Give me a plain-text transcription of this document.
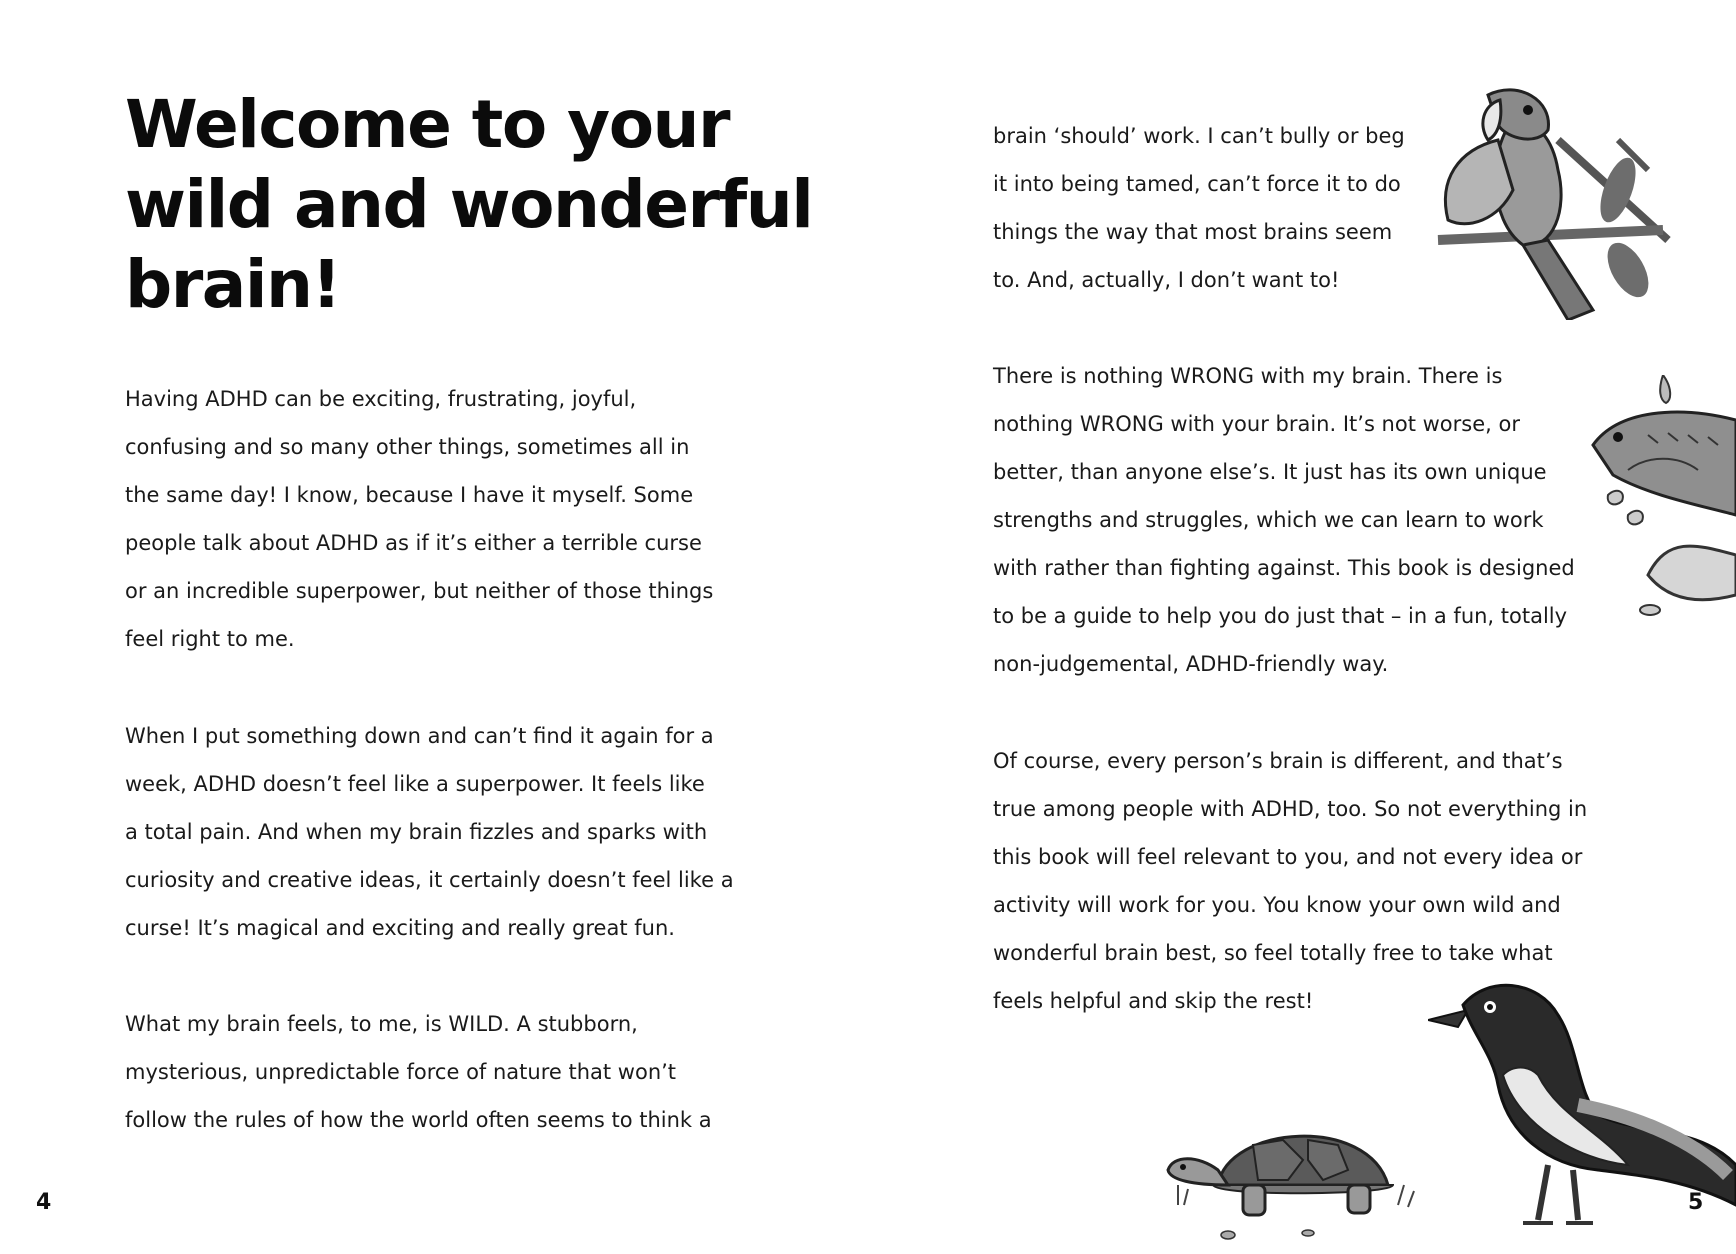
Welcome to your
wild and wonderful
brain!

Having ADHD can be exciting, frustrating, joyful,
confusing and so many other things, sometimes all in
the same day! I know, because I have it myself. Some
people talk about ADHD as if it’s either a terrible curse
or an incredible superpower, but neither of those things
feel right to me.

When I put something down and can’t find it again for a
week, ADHD doesn’t feel like a superpower. It feels like
a total pain. And when my brain fizzles and sparks with
curiosity and creative ideas, it certainly doesn’t feel like a
curse! It’s magical and exciting and really great fun.

What my brain feels, to me, is WILD. A stubborn,
mysterious, unpredictable force of nature that won’t
follow the rules of how the world often seems to think a

4

brain ‘should’ work. I can’t bully or beg
it into being tamed, can’t force it to do
things the way that most brains seem
to. And, actually, I don’t want to!

There is nothing WRONG with my brain. There is
nothing WRONG with your brain. It’s not worse, or
better, than anyone else’s. It just has its own unique
strengths and struggles, which we can learn to work
with rather than fighting against. This book is designed
to be a guide to help you do just that – in a fun, totally
non-judgemental, ADHD-friendly way.

Of course, every person’s brain is different, and that’s
true among people with ADHD, too. So not everything in
this book will feel relevant to you, and not every idea or
activity will work for you. You know your own wild and
wonderful brain best, so feel totally free to take what
feels helpful and skip the rest!

5
